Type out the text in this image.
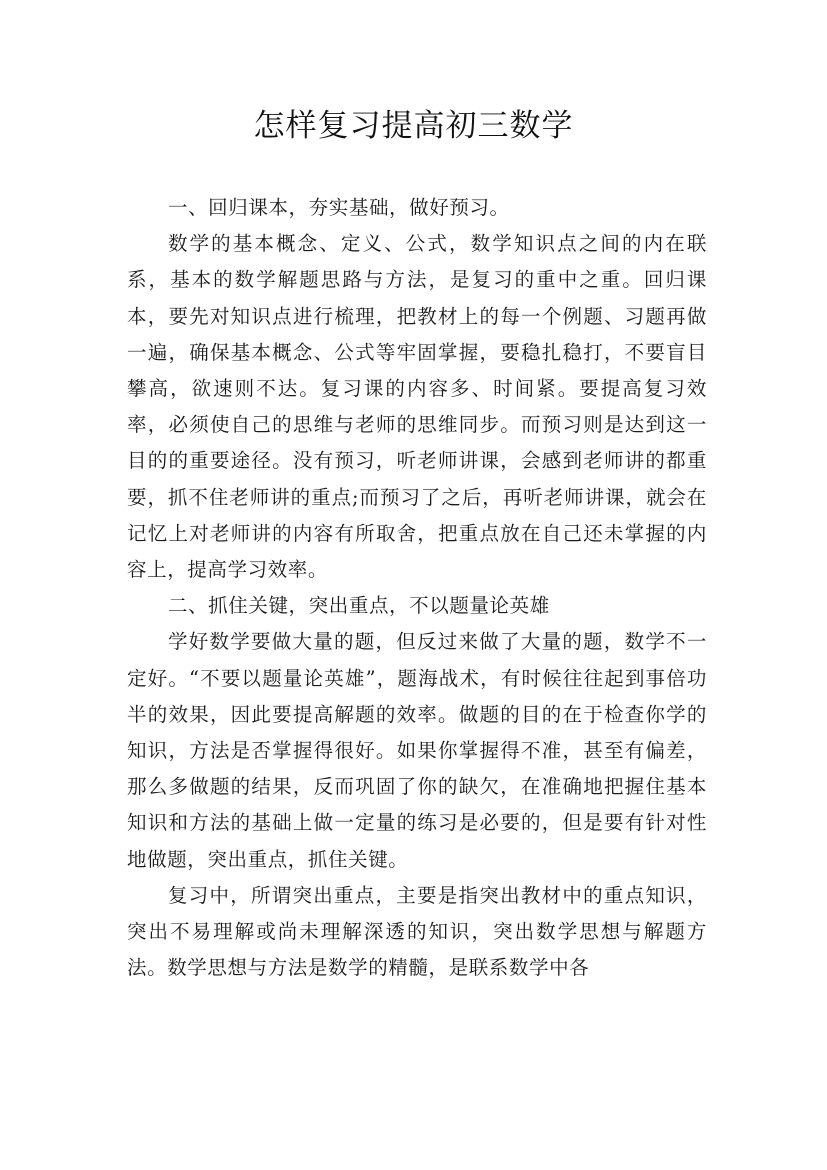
怎样复习提高初三数学

一、回归课本，夯实基础，做好预习。

数学的基本概念、定义、公式，数学知识点之间的内在联系，基本的数学解题思路与方法，是复习的重中之重。回归课本，要先对知识点进行梳理，把教材上的每一个例题、习题再做一遍，确保基本概念、公式等牢固掌握，要稳扎稳打，不要盲目攀高，欲速则不达。复习课的内容多、时间紧。要提高复习效率，必须使自己的思维与老师的思维同步。而预习则是达到这一目的的重要途径。没有预习，听老师讲课，会感到老师讲的都重要，抓不住老师讲的重点;而预习了之后，再听老师讲课，就会在记忆上对老师讲的内容有所取舍，把重点放在自己还未掌握的内容上，提高学习效率。

二、抓住关键，突出重点，不以题量论英雄

学好数学要做大量的题，但反过来做了大量的题，数学不一定好。“不要以题量论英雄”，题海战术，有时候往往起到事倍功半的效果，因此要提高解题的效率。做题的目的在于检查你学的知识，方法是否掌握得很好。如果你掌握得不准，甚至有偏差，那么多做题的结果，反而巩固了你的缺欠，在准确地把握住基本知识和方法的基础上做一定量的练习是必要的，但是要有针对性地做题，突出重点，抓住关键。

复习中，所谓突出重点，主要是指突出教材中的重点知识，突出不易理解或尚未理解深透的知识，突出数学思想与解题方法。数学思想与方法是数学的精髓，是联系数学中各
